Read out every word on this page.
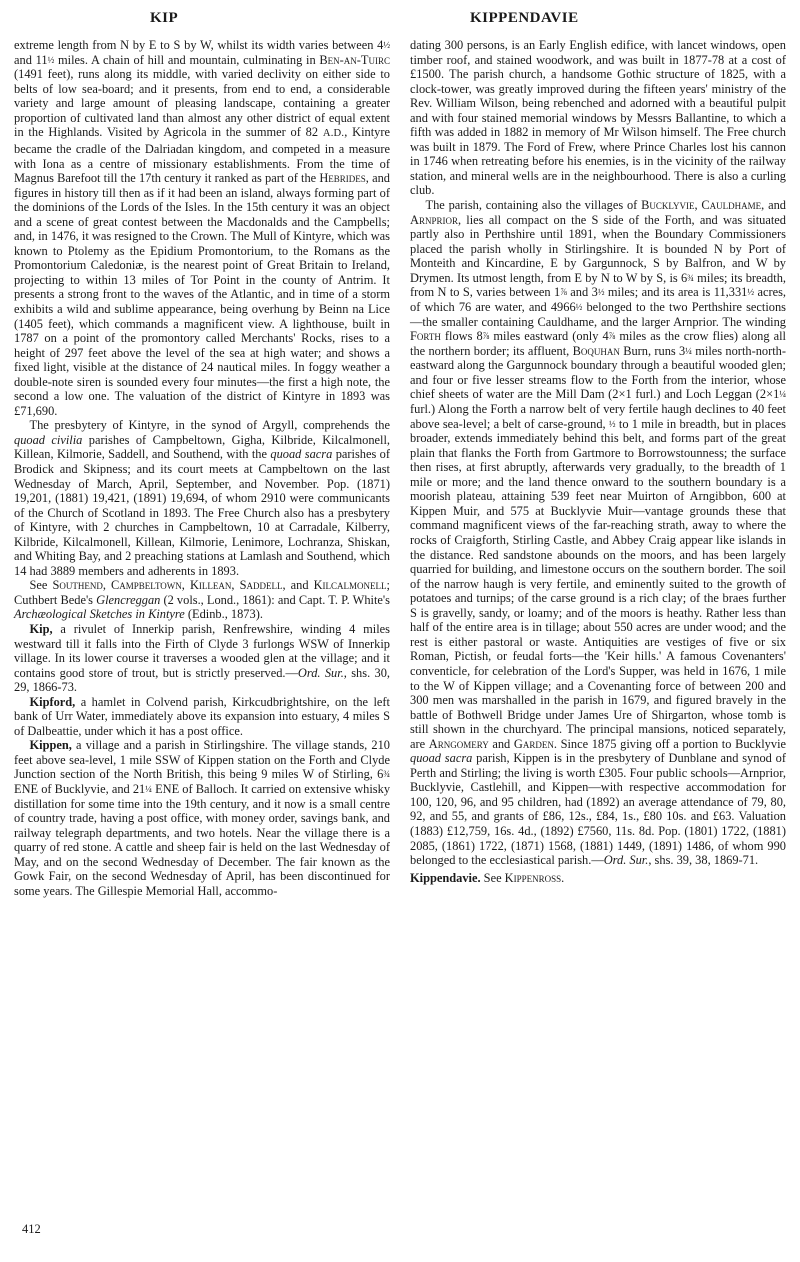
KIP	KIPPENDAVIE

extreme length from N by E to S by W, whilst its width varies between 4½ and 11½ miles. A chain of hill and mountain, culminating in Ben-an-Tuirc (1491 feet), runs along its middle, with varied declivity on either side to belts of low sea-board; and it presents, from end to end, a considerable variety and large amount of pleasing landscape, containing a greater proportion of cultivated land than almost any other district of equal extent in the Highlands. Visited by Agricola in the summer of 82 A.D., Kintyre became the cradle of the Dalriadan kingdom, and competed in a measure with Iona as a centre of missionary establishments. From the time of Magnus Barefoot till the 17th century it ranked as part of the Hebrides, and figures in history till then as if it had been an island, always forming part of the dominions of the Lords of the Isles. In the 15th century it was an object and a scene of great contest between the Macdonalds and the Campbells; and, in 1476, it was resigned to the Crown. The Mull of Kintyre, which was known to Ptolemy as the Epidium Promontorium, to the Romans as the Promontorium Caledoniæ, is the nearest point of Great Britain to Ireland, projecting to within 13 miles of Tor Point in the county of Antrim. It presents a strong front to the waves of the Atlantic, and in time of a storm exhibits a wild and sublime appearance, being overhung by Beinn na Lice (1405 feet), which commands a magnificent view. A lighthouse, built in 1787 on a point of the promontory called Merchants' Rocks, rises to a height of 297 feet above the level of the sea at high water; and shows a fixed light, visible at the distance of 24 nautical miles. In foggy weather a double-note siren is sounded every four minutes—the first a high note, the second a low one. The valuation of the district of Kintyre in 1893 was £71,690.

The presbytery of Kintyre, in the synod of Argyll, comprehends the quoad civilia parishes of Campbeltown, Gigha, Kilbride, Kilcalmonell, Killean, Kilmorie, Saddell, and Southend, with the quoad sacra parishes of Brodick and Skipness; and its court meets at Campbeltown on the last Wednesday of March, April, September, and November. Pop. (1871) 19,201, (1881) 19,421, (1891) 19,694, of whom 2910 were communicants of the Church of Scotland in 1893. The Free Church also has a presbytery of Kintyre, with 2 churches in Campbeltown, 10 at Carradale, Kilberry, Kilbride, Kilcalmonell, Killean, Kilmorie, Lenimore, Lochranza, Shiskan, and Whiting Bay, and 2 preaching stations at Lamlash and Southend, which 14 had 3889 members and adherents in 1893.

See Southend, Campbeltown, Killean, Saddell, and Kilcalmonell; Cuthbert Bede's Glencreggan (2 vols., Lond., 1861): and Capt. T. P. White's Archæological Sketches in Kintyre (Edinb., 1873).

Kip, a rivulet of Innerkip parish, Renfrewshire, winding 4 miles westward till it falls into the Firth of Clyde 3 furlongs WSW of Innerkip village. In its lower course it traverses a wooded glen at the village; and it contains good store of trout, but is strictly preserved.—Ord. Sur., shs. 30, 29, 1866-73.

Kipford, a hamlet in Colvend parish, Kirkcudbrightshire, on the left bank of Urr Water, immediately above its expansion into estuary, 4 miles S of Dalbeattie, under which it has a post office.

Kippen, a village and a parish in Stirlingshire. The village stands, 210 feet above sea-level, 1 mile SSW of Kippen station on the Forth and Clyde Junction section of the North British, this being 9 miles W of Stirling, 6¾ ENE of Bucklyvie, and 21¼ ENE of Balloch. It carried on extensive whisky distillation for some time into the 19th century, and it now is a small centre of country trade, having a post office, with money order, savings bank, and railway telegraph departments, and two hotels. Near the village there is a quarry of red stone. A cattle and sheep fair is held on the last Wednesday of May, and on the second Wednesday of December. The fair known as the Gowk Fair, on the second Wednesday of April, has been discontinued for some years. The Gillespie Memorial Hall, accommo-

dating 300 persons, is an Early English edifice, with lancet windows, open timber roof, and stained woodwork, and was built in 1877-78 at a cost of £1500. The parish church, a handsome Gothic structure of 1825, with a clock-tower, was greatly improved during the fifteen years' ministry of the Rev. William Wilson, being rebenched and adorned with a beautiful pulpit and with four stained memorial windows by Messrs Ballantine, to which a fifth was added in 1882 in memory of Mr Wilson himself. The Free church was built in 1879. The Ford of Frew, where Prince Charles lost his cannon in 1746 when retreating before his enemies, is in the vicinity of the railway station, and mineral wells are in the neighbourhood. There is also a curling club.

The parish, containing also the villages of Bucklyvie, Cauldhame, and Arnprior, lies all compact on the S side of the Forth, and was situated partly also in Perthshire until 1891, when the Boundary Commissioners placed the parish wholly in Stirlingshire. It is bounded N by Port of Monteith and Kincardine, E by Gargunnock, S by Balfron, and W by Drymen. Its utmost length, from E by N to W by S, is 6¾ miles; its breadth, from N to S, varies between 1⅞ and 3½ miles; and its area is 11,331½ acres, of which 76 are water, and 4966½ belonged to the two Perthshire sections—the smaller containing Cauldhame, and the larger Arnprior. The winding Forth flows 8⅞ miles eastward (only 4⅞ miles as the crow flies) along all the northern border; its affluent, Boquhan Burn, runs 3¼ miles north-north-eastward along the Gargunnock boundary through a beautiful wooded glen; and four or five lesser streams flow to the Forth from the interior, whose chief sheets of water are the Mill Dam (2×1 furl.) and Loch Leggan (2×1¼ furl.) Along the Forth a narrow belt of very fertile haugh declines to 40 feet above sea-level; a belt of carse-ground, ½ to 1 mile in breadth, but in places broader, extends immediately behind this belt, and forms part of the great plain that flanks the Forth from Gartmore to Borrowstounness; the surface then rises, at first abruptly, afterwards very gradually, to the breadth of 1 mile or more; and the land thence onward to the southern boundary is a moorish plateau, attaining 539 feet near Muirton of Arngibbon, 600 at Kippen Muir, and 575 at Bucklyvie Muir—vantage grounds these that command magnificent views of the far-reaching strath, away to where the rocks of Craigforth, Stirling Castle, and Abbey Craig appear like islands in the distance. Red sandstone abounds on the moors, and has been largely quarried for building, and limestone occurs on the southern border. The soil of the narrow haugh is very fertile, and eminently suited to the growth of potatoes and turnips; of the carse ground is a rich clay; of the braes further S is gravelly, sandy, or loamy; and of the moors is heathy. Rather less than half of the entire area is in tillage; about 550 acres are under wood; and the rest is either pastoral or waste. Antiquities are vestiges of five or six Roman, Pictish, or feudal forts—the 'Keir hills.' A famous Covenanters' conventicle, for celebration of the Lord's Supper, was held in 1676, 1 mile to the W of Kippen village; and a Covenanting force of between 200 and 300 men was marshalled in the parish in 1679, and figured bravely in the battle of Bothwell Bridge under James Ure of Shirgarton, whose tomb is still shown in the churchyard. The principal mansions, noticed separately, are Arngomery and Garden. Since 1875 giving off a portion to Bucklyvie quoad sacra parish, Kippen is in the presbytery of Dunblane and synod of Perth and Stirling; the living is worth £305. Four public schools—Arnprior, Bucklyvie, Castlehill, and Kippen—with respective accommodation for 100, 120, 96, and 95 children, had (1892) an average attendance of 79, 80, 92, and 55, and grants of £86, 12s., £84, 1s., £80 10s. and £63. Valuation (1883) £12,759, 16s. 4d., (1892) £7560, 11s. 8d. Pop. (1801) 1722, (1881) 2085, (1861) 1722, (1871) 1568, (1881) 1449, (1891) 1486, of whom 990 belonged to the ecclesiastical parish.—Ord. Sur., shs. 39, 38, 1869-71.

Kippendavie. See Kippenross.

412
